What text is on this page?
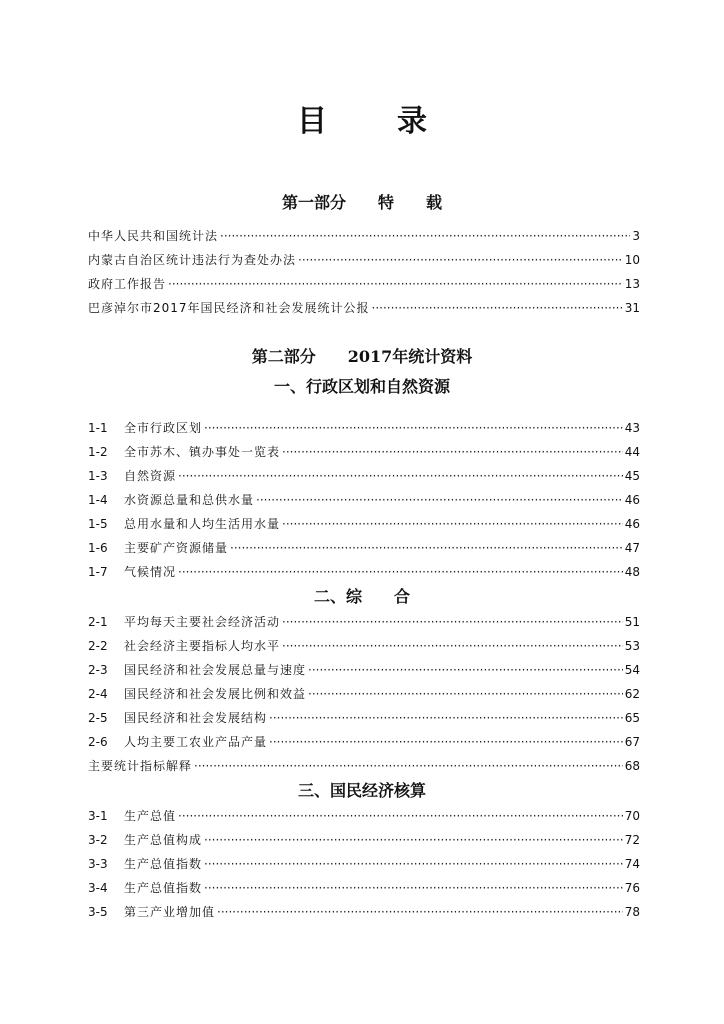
目 录
第一部分　　特　　载
中华人民共和国统计法 ·····	3
内蒙古自治区统计违法行为查处办法 ·····	10
政府工作报告 ·····	13
巴彦淖尔市2017年国民经济和社会发展统计公报 ·····	31
第二部分　　2017年统计资料
一、行政区划和自然资源
1-1	全市行政区划 ·····	43
1-2	全市苏木、镇办事处一览表 ·····	44
1-3	自然资源 ·····	45
1-4	水资源总量和总供水量 ·····	46
1-5	总用水量和人均生活用水量 ·····	46
1-6	主要矿产资源储量 ·····	47
1-7	气候情况 ·····	48
二、综　　合
2-1	平均每天主要社会经济活动 ·····	51
2-2	社会经济主要指标人均水平 ·····	53
2-3	国民经济和社会发展总量与速度 ·····	54
2-4	国民经济和社会发展比例和效益 ·····	62
2-5	国民经济和社会发展结构 ·····	65
2-6	人均主要工农业产品产量 ·····	67
主要统计指标解释 ·····	68
三、国民经济核算
3-1	生产总值 ·····	70
3-2	生产总值构成 ·····	72
3-3	生产总值指数 ·····	74
3-4	生产总值指数 ·····	76
3-5	第三产业增加值 ·····	78
